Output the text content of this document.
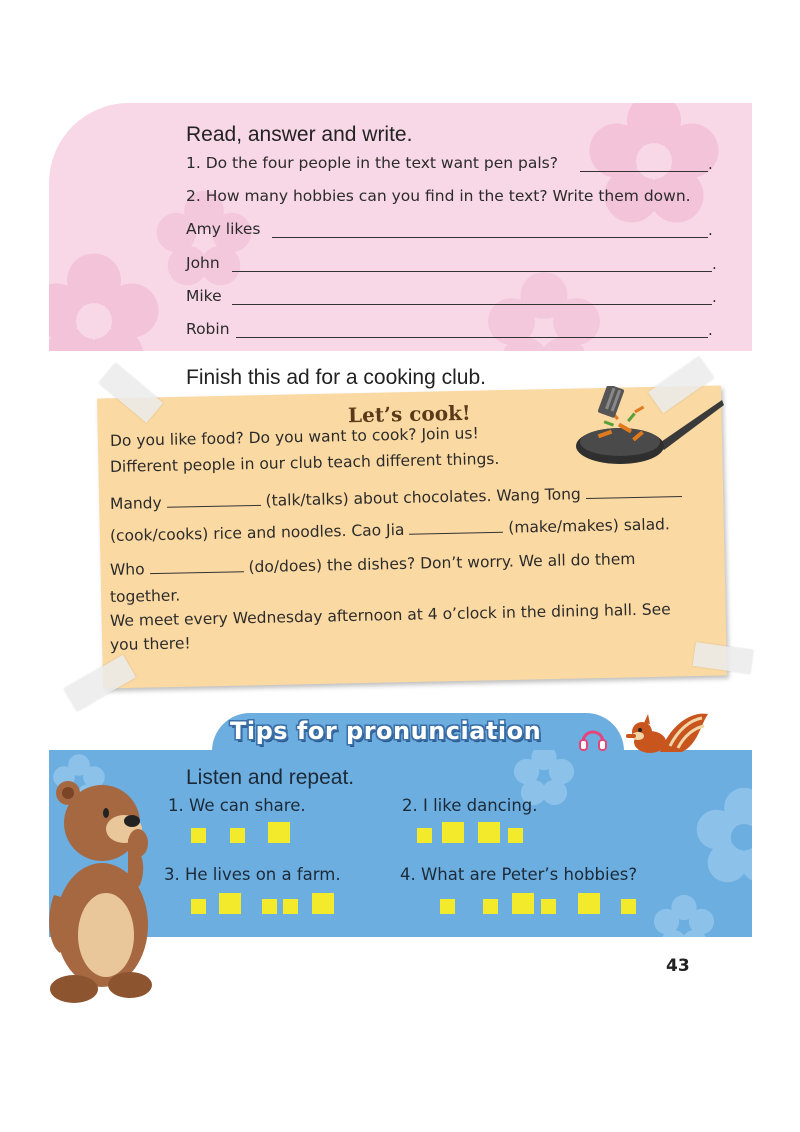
Read, answer and write.
1. Do the four people in the text want pen pals?	.
2. How many hobbies can you find in the text? Write them down.
Amy likes	.
John	.
Mike	.
Robin	.
Finish this ad for a cooking club.
Let’s cook!
Do you like food? Do you want to cook? Join us!
Different people in our club teach different things.
Mandy	(talk/talks) about chocolates. Wang Tong
(cook/cooks) rice and noodles. Cao Jia	(make/makes) salad.
Who	(do/does) the dishes? Don’t worry. We all do them
together.
We meet every Wednesday afternoon at 4 o’clock in the dining hall. See
you there!
Tips for pronunciation
Listen and repeat.
1. We can share.	2. I like dancing.
3. He lives on a farm.	4. What are Peter’s hobbies?
43
